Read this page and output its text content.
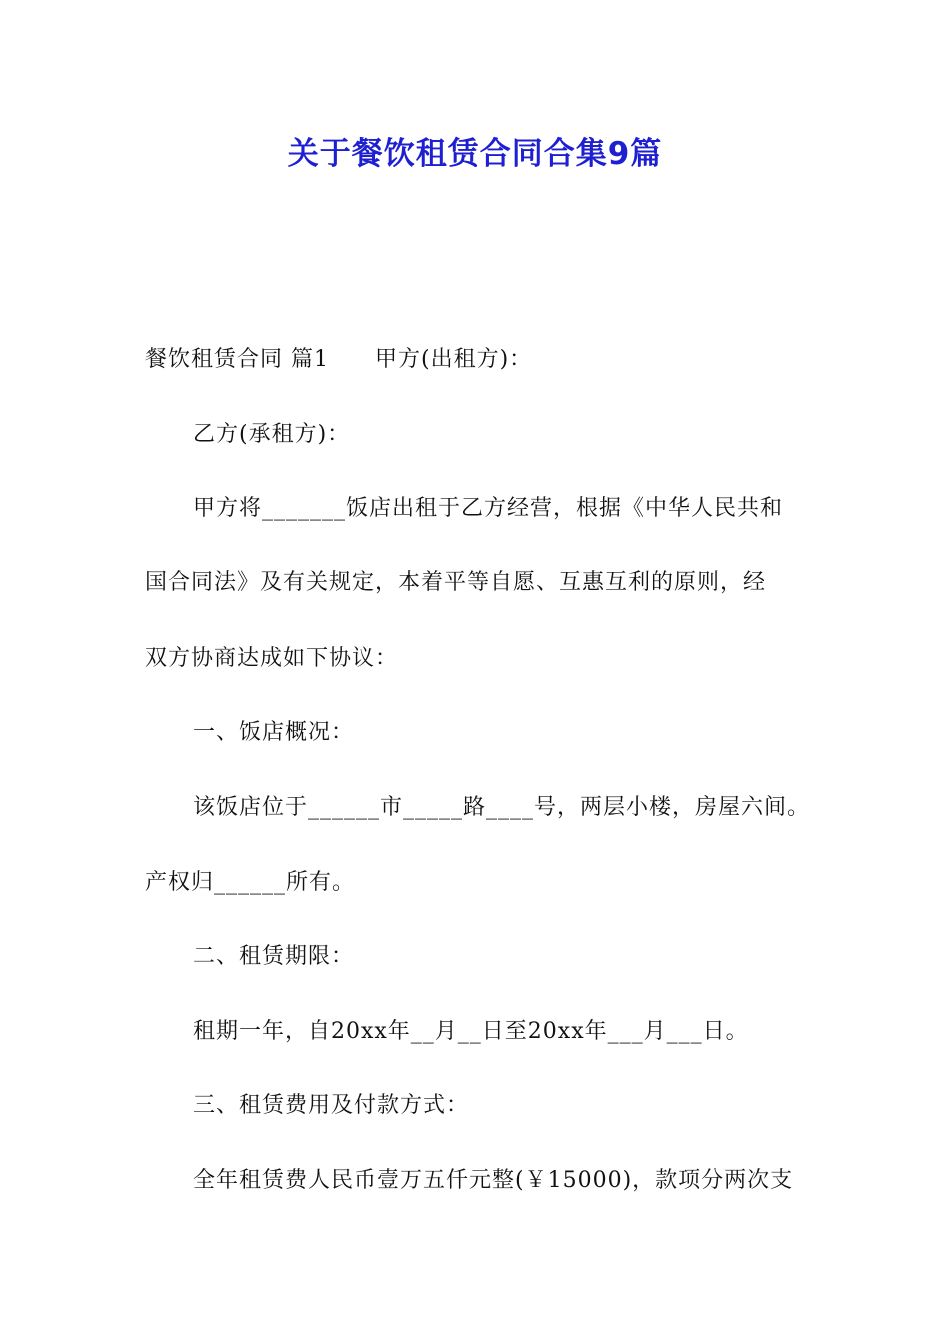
关于餐饮租赁合同合集9篇
餐饮租赁合同 篇1 甲方(出租方)：
乙方(承租方)：
甲方将_______饭店出租于乙方经营，根据《中华人民共和
国合同法》及有关规定，本着平等自愿、互惠互利的原则，经
双方协商达成如下协议：
一、饭店概况：
该饭店位于______市_____路____号，两层小楼，房屋六间。
产权归______所有。
二、租赁期限：
租期一年，自20xx年__月__日至20xx年___月___日。
三、租赁费用及付款方式：
全年租赁费人民币壹万五仟元整(￥15000)，款项分两次支
